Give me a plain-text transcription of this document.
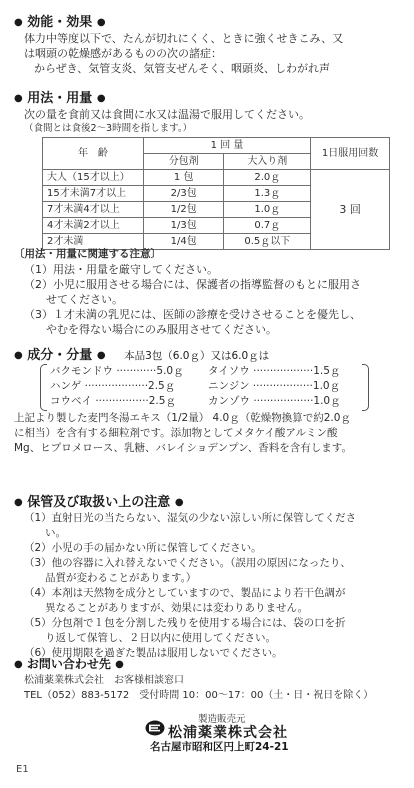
● 効能・効果 ●
体力中等度以下で、たんが切れにくく、ときに強くせきこみ、又
は咽頭の乾燥感があるものの次の諸症：
からぜき、気管支炎、気管支ぜんそく、咽頭炎、しわがれ声
● 用法・用量 ●
次の量を食前又は食間に水又は温湯で服用してください。
（食間とは食後2～3時間を指します。）
年　齢	1 回 量		1日服用回数
	分包剤	大入り剤	
大人（15才以上）	1 包	2.0ｇ	3 回
15才未満7才以上	2/3包	1.3ｇ	
7才未満4才以上	1/2包	1.0ｇ	
4才未満2才以上	1/3包	0.7ｇ	
2才未満	1/4包	0.5ｇ以下	
〔用法・用量に関連する注意〕
（1）用法・用量を厳守してください。
（2）小児に服用させる場合には、保護者の指導監督のもとに服用さ
　　せてください。
（3）１才未満の乳児には、医師の診療を受けさせることを優先し、
　　やむを得ない場合にのみ服用させてください。
● 成分・分量 ● 本品3包（6.0ｇ）又は6.0ｇは
バクモンドウ ············5.0ｇ
ハンゲ ···················2.5ｇ
コウベイ ················2.5ｇ
タイソウ ··················1.5ｇ
ニンジン ··················1.0ｇ
カンゾウ ··················1.0ｇ
上記より製した麦門冬湯エキス（1/2量） 4.0ｇ（乾燥物換算で約2.0ｇ
に相当）を含有する細粒剤です。添加物としてメタケイ酸アルミン酸
Mg、ヒプロメロース、乳糖、バレイショデンプン、香料を含有します。
● 保管及び取扱い上の注意 ●
（1）直射日光の当たらない、湿気の少ない涼しい所に保管してくださ
　　い。
（2）小児の手の届かない所に保管してください。
（3）他の容器に入れ替えないでください。（誤用の原因になったり、
　　品質が変わることがあります。）
（4）本剤は天然物を成分としていますので、製品により若干色調が
　　異なることがありますが、効果には変わりありません。
（5）分包剤で１包を分割した残りを使用する場合には、袋の口を折
　　り返して保管し、２日以内に使用してください。
（6）使用期限を過ぎた製品は服用しないでください。
● お問い合わせ先 ●
松浦薬業株式会社　お客様相談窓口
TEL（052）883-5172　受付時間 10：00～17：00（土・日・祝日を除く）
製造販売元
松浦薬業株式会社
名古屋市昭和区円上町24-21
E1
